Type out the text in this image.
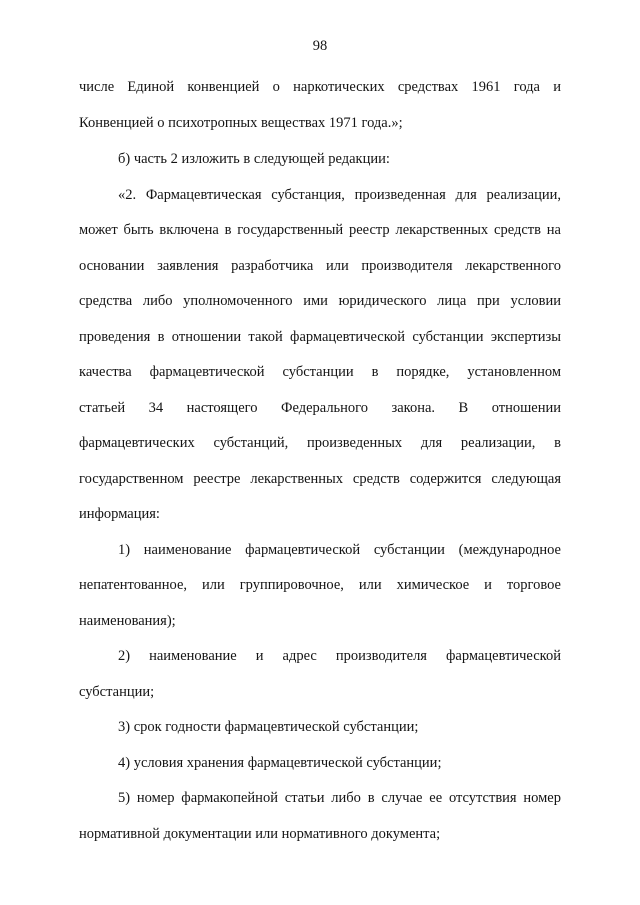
98
числе Единой конвенцией о наркотических средствах 1961 года и
Конвенцией о психотропных веществах 1971 года.»;
б) часть 2 изложить в следующей редакции:
«2. Фармацевтическая субстанция, произведенная для реализации,
может быть включена в государственный реестр лекарственных средств на
основании заявления разработчика или производителя лекарственного
средства либо уполномоченного ими юридического лица при условии
проведения в отношении такой фармацевтической субстанции экспертизы
качества фармацевтической субстанции в порядке, установленном
статьей 34 настоящего Федерального закона. В отношении
фармацевтических субстанций, произведенных для реализации, в
государственном реестре лекарственных средств содержится следующая
информация:
1) наименование фармацевтической субстанции (международное
непатентованное, или группировочное, или химическое и торговое
наименования);
2) наименование и адрес производителя фармацевтической
субстанции;
3) срок годности фармацевтической субстанции;
4) условия хранения фармацевтической субстанции;
5) номер фармакопейной статьи либо в случае ее отсутствия номер
нормативной документации или нормативного документа;
